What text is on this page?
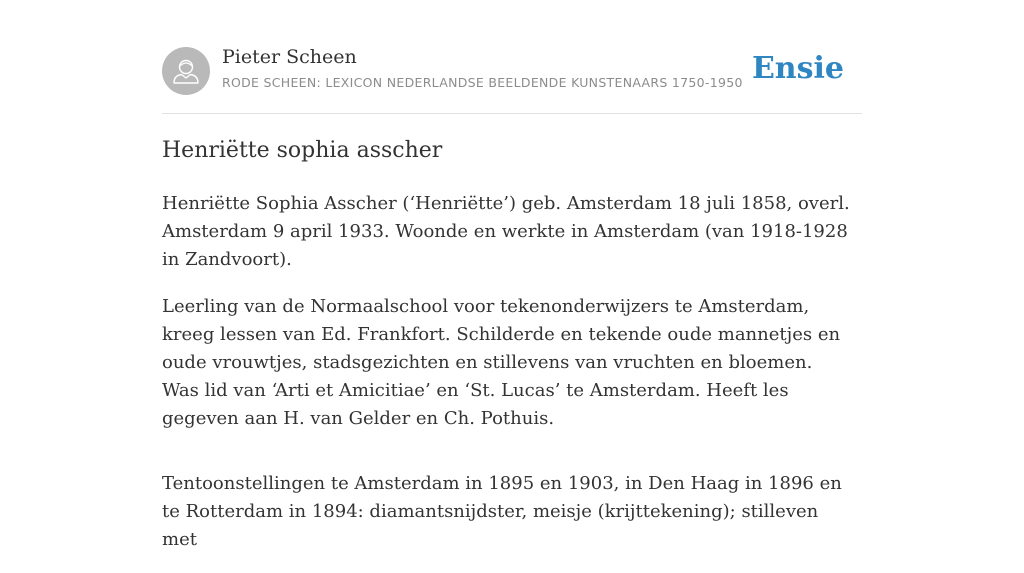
Pieter Scheen
RODE SCHEEN: LEXICON NEDERLANDSE BEELDENDE KUNSTENAARS 1750-1950 Ensie
Henriëtte sophia asscher

Henriëtte Sophia Asscher (‘Henriëtte’) geb. Amsterdam 18 juli 1858, overl. Amsterdam 9 april 1933. Woonde en werkte in Amsterdam (van 1918-1928 in Zandvoort).

Leerling van de Normaalschool voor tekenonderwijzers te Amsterdam, kreeg lessen van Ed. Frankfort. Schilderde en tekende oude mannetjes en oude vrouwtjes, stadsgezichten en stillevens van vruchten en bloemen. Was lid van ‘Arti et Amicitiae’ en ‘St. Lucas’ te Amsterdam. Heeft les gegeven aan H. van Gelder en Ch. Pothuis.

Tentoonstellingen te Amsterdam in 1895 en 1903, in Den Haag in 1896 en te Rotterdam in 1894: diamantsnijdster, meisje (krijttekening); stilleven met
